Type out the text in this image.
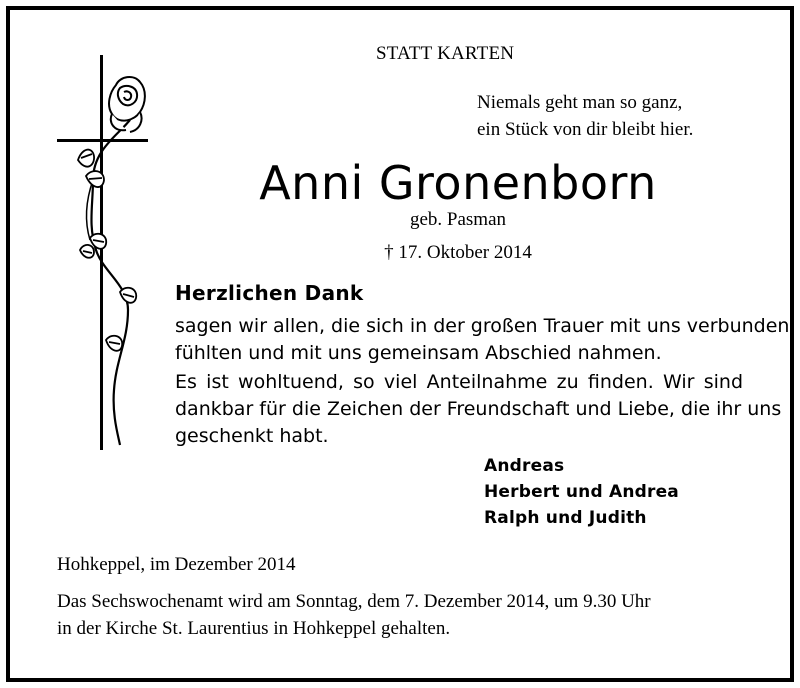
STATT KARTEN
Niemals geht man so ganz,
ein Stück von dir bleibt hier.
Anni Gronenborn
geb. Pasman
† 17. Oktober 2014
Herzlichen Dank
sagen wir allen, die sich in der großen Trauer mit uns verbunden
fühlten und mit uns gemeinsam Abschied nahmen.
Es ist wohltuend, so viel Anteilnahme zu finden. Wir sind
dankbar für die Zeichen der Freundschaft und Liebe, die ihr uns
geschenkt habt.
Andreas
Herbert und Andrea
Ralph und Judith
Hohkeppel, im Dezember 2014
Das Sechswochenamt wird am Sonntag, dem 7. Dezember 2014, um 9.30 Uhr
in der Kirche St. Laurentius in Hohkeppel gehalten.
